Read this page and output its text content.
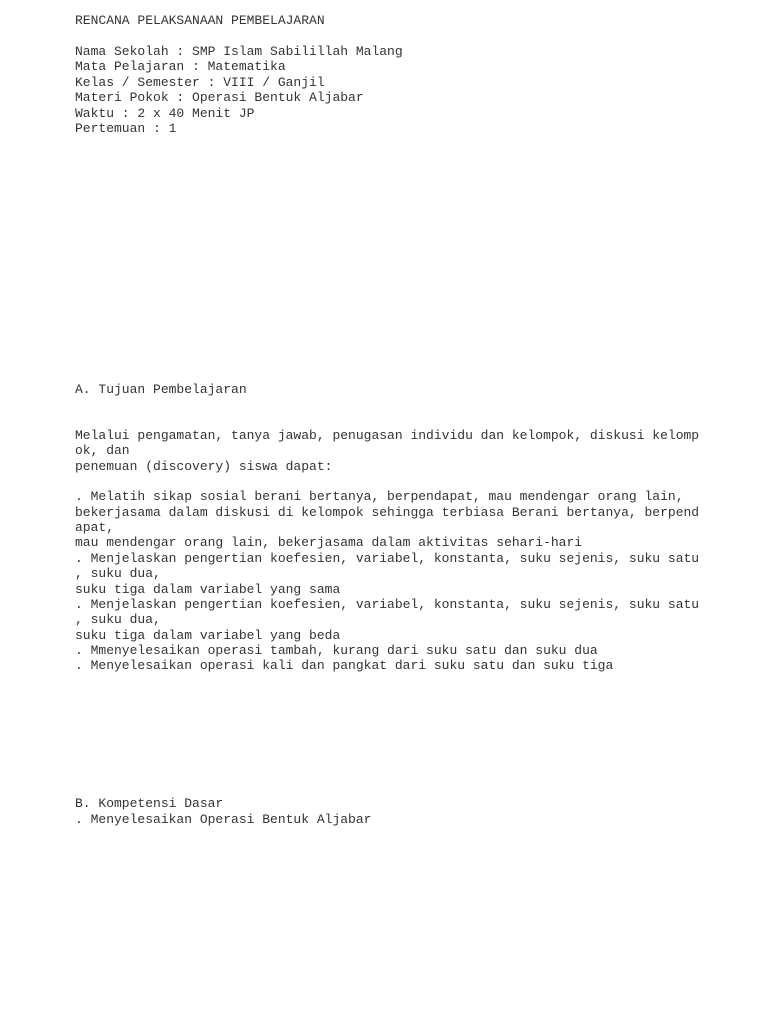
RENCANA PELAKSANAAN PEMBELAJARAN

Nama Sekolah : SMP Islam Sabilillah Malang

Mata Pelajaran : Matematika

Kelas / Semester : VIII / Ganjil

Materi Pokok : Operasi Bentuk Aljabar

Waktu : 2 x 40 Menit JP

Pertemuan : 1

A. Tujuan Pembelajaran

Melalui pengamatan, tanya jawab, penugasan individu dan kelompok, diskusi kelomp

ok, dan

penemuan (discovery) siswa dapat:

. Melatih sikap sosial berani bertanya, berpendapat, mau mendengar orang lain,

bekerjasama dalam diskusi di kelompok sehingga terbiasa Berani bertanya, berpend

apat,

mau mendengar orang lain, bekerjasama dalam aktivitas sehari-hari

. Menjelaskan pengertian koefesien, variabel, konstanta, suku sejenis, suku satu

, suku dua,

suku tiga dalam variabel yang sama

. Menjelaskan pengertian koefesien, variabel, konstanta, suku sejenis, suku satu

, suku dua,

suku tiga dalam variabel yang beda

. Mmenyelesaikan operasi tambah, kurang dari suku satu dan suku dua

. Menyelesaikan operasi kali dan pangkat dari suku satu dan suku tiga

B. Kompetensi Dasar

. Menyelesaikan Operasi Bentuk Aljabar
